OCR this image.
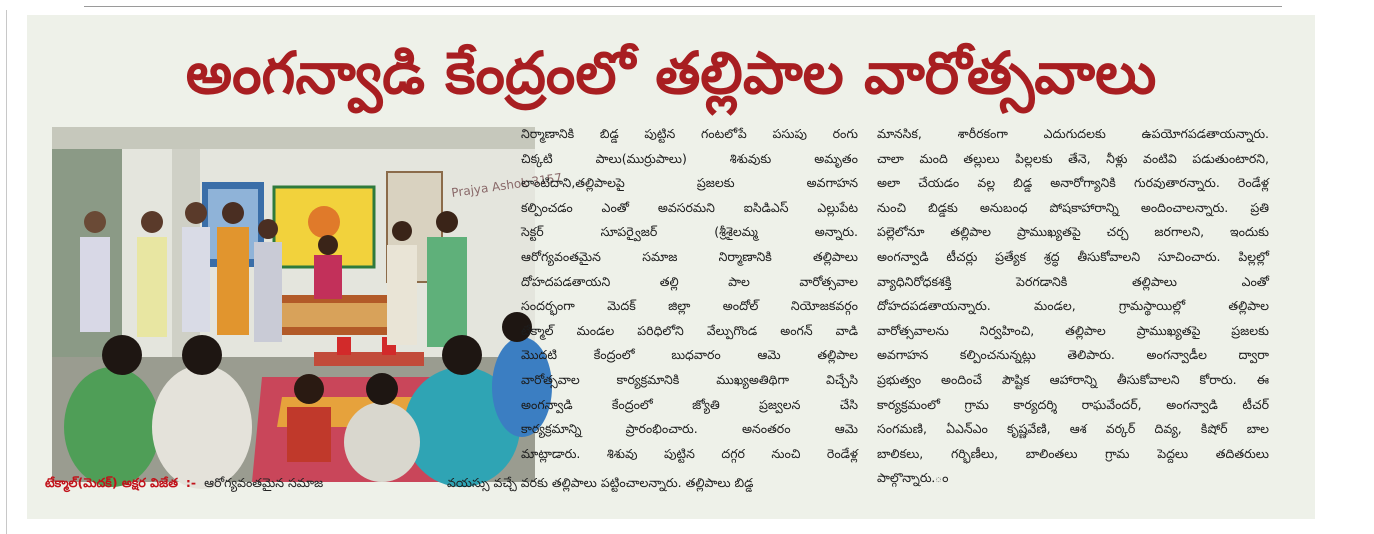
అంగన్వాడి కేంద్రంలో తల్లిపాల వారోత్సవాలు
Prajya Ashok 3157
టేక్మాల్(మెదక్) అక్షర విజేత :- ఆరోగ్యవంతమైన సమాజ
నిర్మాణానికి బిడ్డ పుట్టిన గంటలోపే పసుపు రంగు
చిక్కటి పాలు(ముర్రుపాలు) శిశువుకు అమృతం
లాంటిదాని,తల్లిపాలపై ప్రజలకు అవగాహన
కల్పించడం ఎంతో అవసరమని ఐసిడిఎస్ ఎల్లుపేట
సెక్టర్ సూపర్వైజర్ (శ్రీశైలమ్మ అన్నారు.
ఆరోగ్యవంతమైన సమాజ నిర్మాణానికి తల్లిపాలు
దోహదపడతాయని తల్లి పాల వారోత్సవాల
సందర్భంగా మెదక్ జిల్లా అందోల్ నియోజకవర్గం
టేక్మాల్ మండల పరిధిలోని వేల్పుగొండ అంగన్ వాడి
మొదటి కేంద్రంలో బుధవారం ఆమె తల్లిపాల
వారోత్సవాల కార్యక్రమానికి ముఖ్యఅతిథిగా విచ్చేసి
అంగన్వాడి కేంద్రంలో జ్యోతి ప్రజ్వలన చేసి
కార్యక్రమాన్ని ప్రారంభించారు. అనంతరం ఆమె
మాట్లాడారు. శిశువు పుట్టిన దగ్గర నుంచి రెండేళ్ల
వయస్సు వచ్చే వరకు తల్లిపాలు పట్టించాలన్నారు. తల్లిపాలు బిడ్డ
మానసిక, శారీరకంగా ఎదుగుదలకు ఉపయోగపడతాయన్నారు.
చాలా మంది తల్లులు పిల్లలకు తేనె, నీళ్లు వంటివి పడుతుంటారని,
అలా చేయడం వల్ల బిడ్డ అనారోగ్యానికి గురవుతారన్నారు. రెండేళ్ల
నుంచి బిడ్డకు అనుబంధ పోషకాహారాన్ని అందించాలన్నారు. ప్రతి
పల్లెలోనూ తల్లిపాల ప్రాముఖ్యతపై చర్చ జరగాలని, ఇందుకు
అంగన్వాడి టీచర్లు ప్రత్యేక శ్రద్ధ తీసుకోవాలని సూచించారు. పిల్లల్లో
వ్యాధినిరోధకశక్తి పెరగడానికి తల్లిపాలు ఎంతో
దోహదపడతాయన్నారు. మండల, గ్రామస్థాయిల్లో తల్లిపాల
వారోత్సవాలను నిర్వహించి, తల్లిపాల ప్రాముఖ్యతపై ప్రజలకు
అవగాహన కల్పించనున్నట్లు తెలిపారు. అంగన్వాడీల ద్వారా
ప్రభుత్వం అందించే పౌష్టిక ఆహారాన్ని తీసుకోవాలని కోరారు. ఈ
కార్యక్రమంలో గ్రామ కార్యదర్శి రాఘవేందర్, అంగన్వాడి టీచర్
సంగమణి, ఏఎన్ఎం కృష్ణవేణి, ఆశ వర్కర్ దివ్య, కిషోర్ బాల
బాలికలు, గర్భిణీలు, బాలింతలు గ్రామ పెద్దలు తదితరులు
పాల్గొన్నారు.ం
